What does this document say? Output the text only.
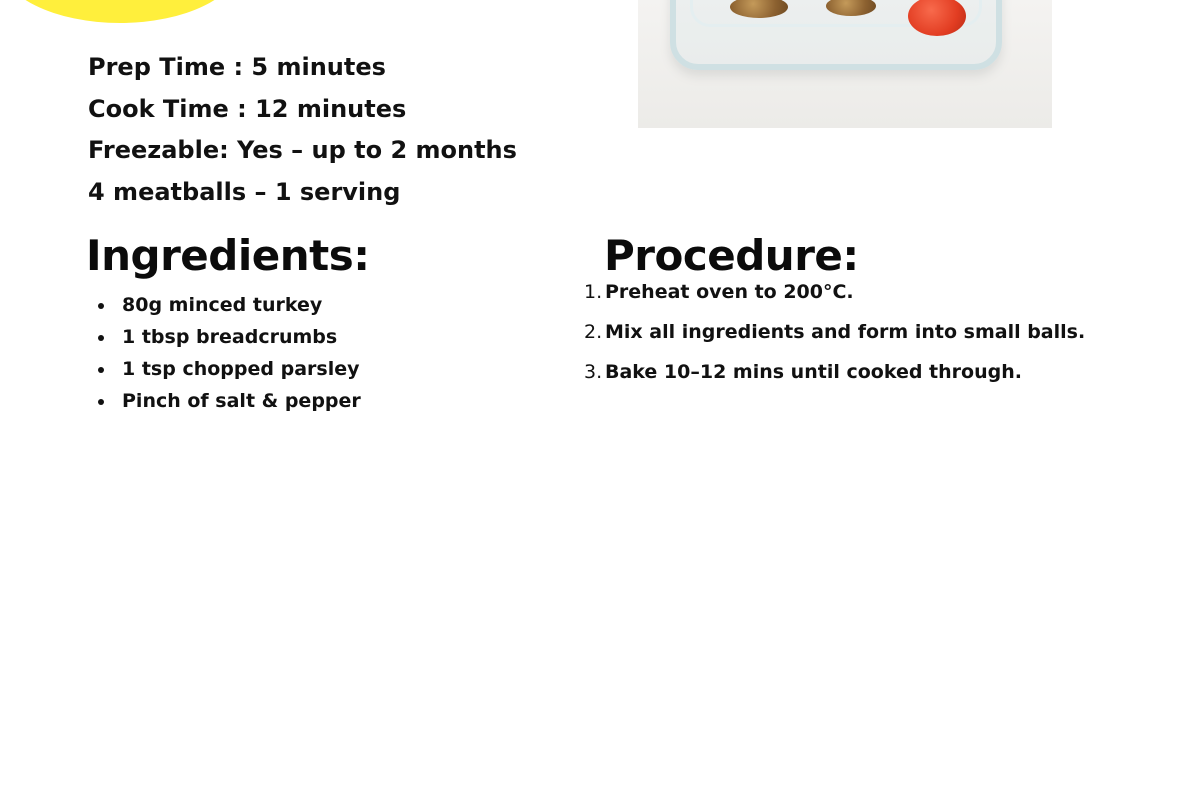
Prep Time : 5 minutes
Cook Time : 12 minutes
Freezable: Yes – up to 2 months
4 meatballs – 1 serving
Ingredients:
80g minced turkey
1 tbsp breadcrumbs
1 tsp chopped parsley
Pinch of salt & pepper
Procedure:
1. Preheat oven to 200°C.
2. Mix all ingredients and form into small balls.
3. Bake 10–12 mins until cooked through.
